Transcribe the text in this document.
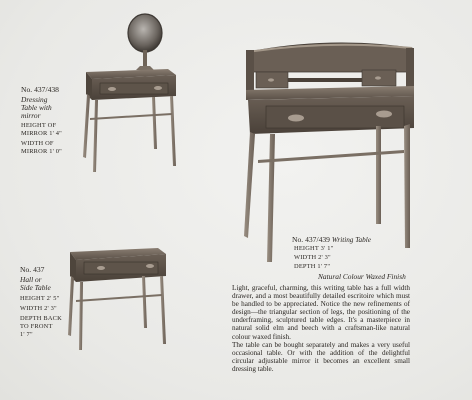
No. 437/438
Dressing
Table with
mirror
HEIGHT OF
MIRROR 1' 4"
WIDTH OF
MIRROR 1' 0"
No. 437
Hall or
Side Table
HEIGHT 2' 5"
WIDTH 2' 3"
DEPTH BACK
TO FRONT
1' 7"
No. 437/439 Writing Table
HEIGHT 3' 1"
WIDTH 2' 3"
DEPTH 1' 7"
Natural Colour Waxed Finish

Light, graceful, charming, this writing table has a full width drawer, and a most beautifully detailed escritoire which must be handled to be appreciated. Notice the new refinements of design—the triangular section of legs, the positioning of the underframing, sculptured table edges. It's a masterpiece in natural solid elm and beech with a craftsman-like natural colour waxed finish.

The table can be bought separately and makes a very useful occasional table. Or with the addition of the delightful circular adjustable mirror it becomes an excellent small dressing table.
